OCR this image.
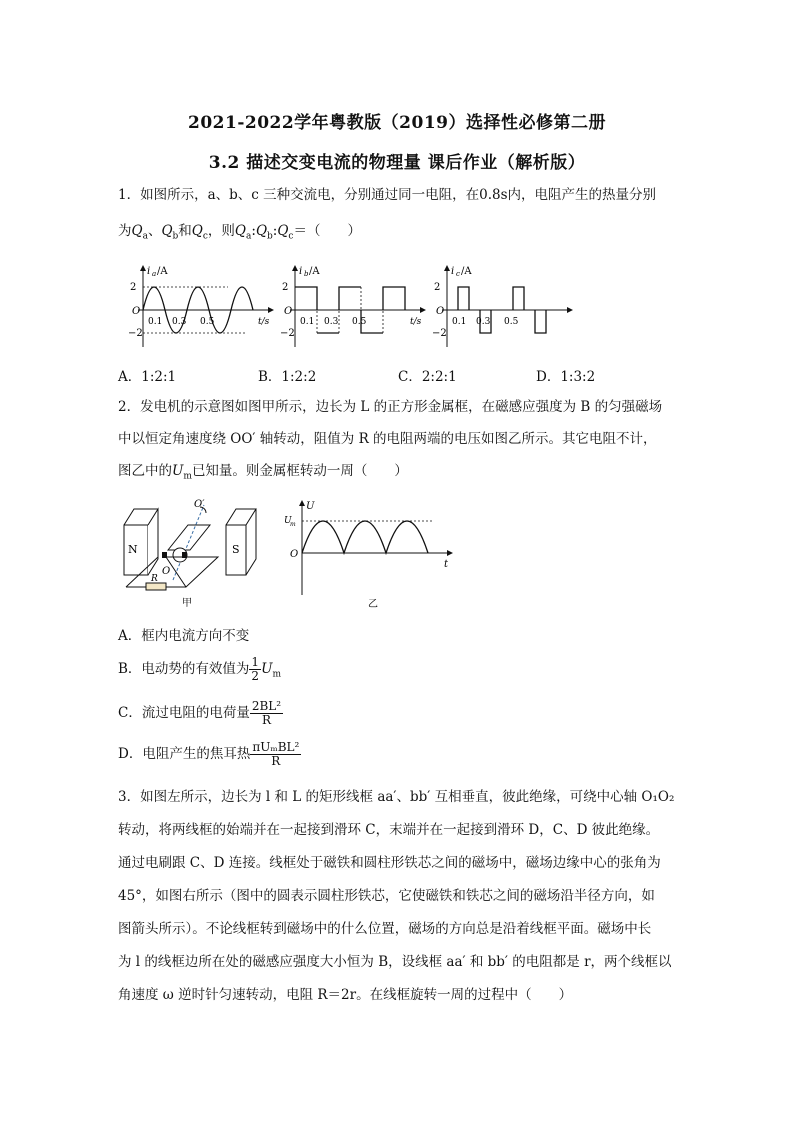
2021-2022学年粤教版（2019）选择性必修第二册
3.2 描述交变电流的物理量 课后作业（解析版）
1．如图所示，a、b、c 三种交流电，分别通过同一电阻，在0.8s内，电阻产生的热量分别
为$Q_a$、$Q_b$和$Q_c$，则$Q_a:Q_b:Q_c=$（　　）
i a /A
2
−2
O
0.1 0.3 0.5	t/s
i b /A
2
−2
O
0.1 0.3 0.5	t/s
i c /A
2
−2
O
0.1 0.3 0.5
A．1:2:1	B．1:2:2	C．2:2:1	D．1:3:2
2．发电机的示意图如图甲所示，边长为 L 的正方形金属框，在磁感应强度为 B 的匀强磁场
中以恒定角速度绕 OO′ 轴转动，阻值为 R 的电阻两端的电压如图乙所示。其它电阻不计，
图乙中的$U_m$已知量。则金属框转动一周（　　）
N	S
O′
O
R
甲
U
U
m
O
t
乙
A．框内电流方向不变
B．电动势的有效值为 $\frac{1}{2} U_m$
C．流过电阻的电荷量 $\frac{\text{2BL²}}{R}$
D．电阻产生的焦耳热 $\frac{\text{πUₘBL²}}{R}$
3．如图左所示，边长为 l 和 L 的矩形线框 aa′、bb′ 互相垂直，彼此绝缘，可绕中心轴 O₁O₂
转动，将两线框的始端并在一起接到滑环 C，末端并在一起接到滑环 D，C、D 彼此绝缘。
通过电刷跟 C、D 连接。线框处于磁铁和圆柱形铁芯之间的磁场中，磁场边缘中心的张角为
45°，如图右所示（图中的圆表示圆柱形铁芯，它使磁铁和铁芯之间的磁场沿半径方向，如
图箭头所示）。不论线框转到磁场中的什么位置，磁场的方向总是沿着线框平面。磁场中长
为 l 的线框边所在处的磁感应强度大小恒为 B，设线框 aa′ 和 bb′ 的电阻都是 r，两个线框以
角速度 ω 逆时针匀速转动，电阻 R＝2r。在线框旋转一周的过程中（　　）
